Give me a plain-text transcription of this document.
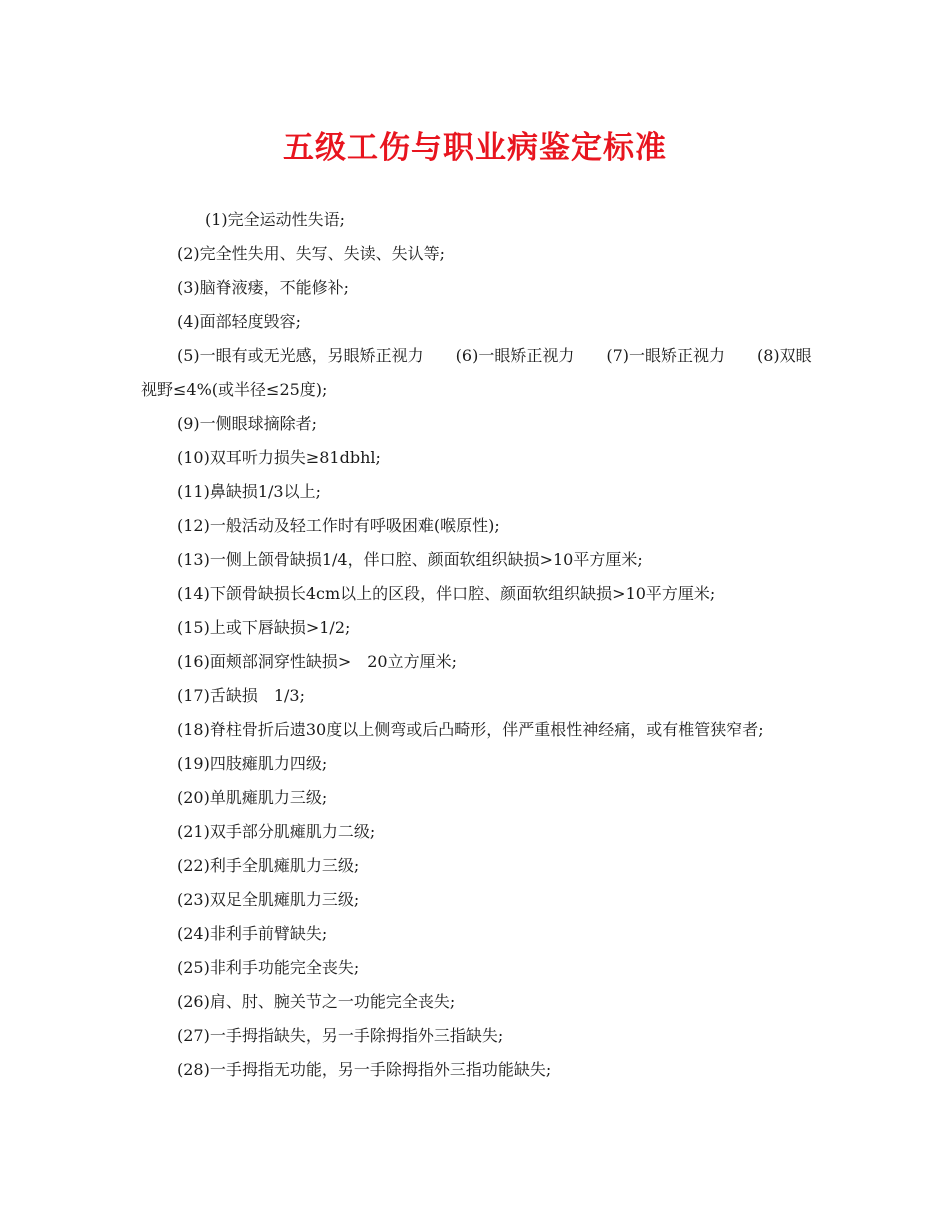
五级工伤与职业病鉴定标准

(1)完全运动性失语;

(2)完全性失用、失写、失读、失认等;

(3)脑脊液瘘，不能修补;

(4)面部轻度毁容;

(5)一眼有或无光感，另眼矫正视力　　(6)一眼矫正视力　　(7)一眼矫正视力　　(8)双眼视野≤4%(或半径≤25度);

(9)一侧眼球摘除者;

(10)双耳听力损失≥81dbhl;

(11)鼻缺损1/3以上;

(12)一般活动及轻工作时有呼吸困难(喉原性);

(13)一侧上颌骨缺损1/4，伴口腔、颜面软组织缺损>10平方厘米;

(14)下颌骨缺损长4cm以上的区段，伴口腔、颜面软组织缺损>10平方厘米;

(15)上或下唇缺损>1/2;

(16)面颊部洞穿性缺损>　20立方厘米;

(17)舌缺损　1/3;

(18)脊柱骨折后遗30度以上侧弯或后凸畸形，伴严重根性神经痛，或有椎管狭窄者;

(19)四肢瘫肌力四级;

(20)单肌瘫肌力三级;

(21)双手部分肌瘫肌力二级;

(22)利手全肌瘫肌力三级;

(23)双足全肌瘫肌力三级;

(24)非利手前臂缺失;

(25)非利手功能完全丧失;

(26)肩、肘、腕关节之一功能完全丧失;

(27)一手拇指缺失，另一手除拇指外三指缺失;

(28)一手拇指无功能，另一手除拇指外三指功能缺失;
